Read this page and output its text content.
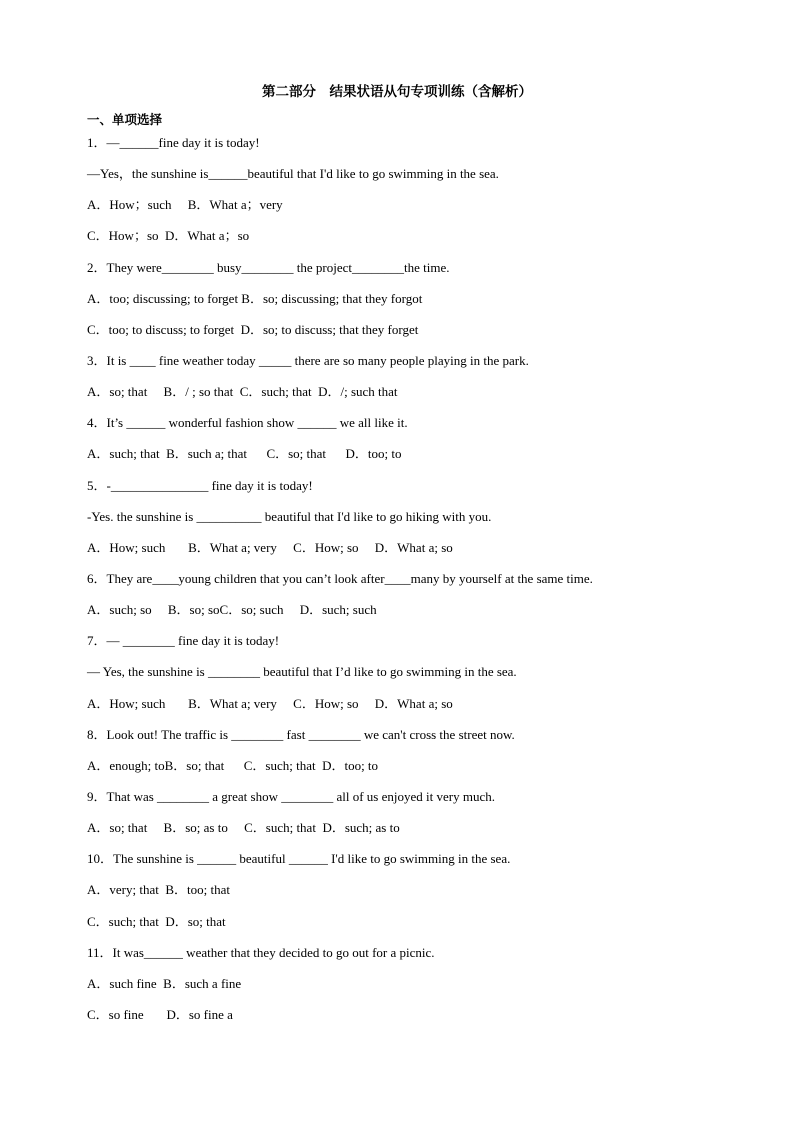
第二部分　结果状语从句专项训练（含解析）
一、单项选择
1．—______fine day it is today!
—Yes，the sunshine is______beautiful that I'd like to go swimming in the sea.
A．How；such     B．What a；very
C．How；so  D．What a；so
2．They were________ busy________ the project________the time.
A．too; discussing; to forget B．so; discussing; that they forgot
C．too; to discuss; to forget  D．so; to discuss; that they forget
3．It is ____ fine weather today _____ there are so many people playing in the park.
A．so; that     B．/ ; so that  C．such; that  D．/; such that
4．It’s ______ wonderful fashion show ______ we all like it.
A．such; that  B．such a; that      C．so; that      D．too; to
5．-_______________ fine day it is today!
-Yes. the sunshine is __________ beautiful that I'd like to go hiking with you.
A．How; such       B．What a; very     C．How; so     D．What a; so
6．They are____young children that you can’t look after____many by yourself at the same time.
A．such; so     B．so; soC．so; such     D．such; such
7．— ________ fine day it is today!
— Yes, the sunshine is ________ beautiful that I’d like to go swimming in the sea.
A．How; such       B．What a; very     C．How; so     D．What a; so
8．Look out! The traffic is ________ fast ________ we can't cross the street now.
A．enough; toB．so; that      C．such; that  D．too; to
9．That was ________ a great show ________ all of us enjoyed it very much.
A．so; that     B．so; as to     C．such; that  D．such; as to
10．The sunshine is ______ beautiful ______ I'd like to go swimming in the sea.
A．very; that  B．too; that
C．such; that  D．so; that
11．It was______ weather that they decided to go out for a picnic.
A．such fine  B．such a fine
C．so fine       D．so fine a
